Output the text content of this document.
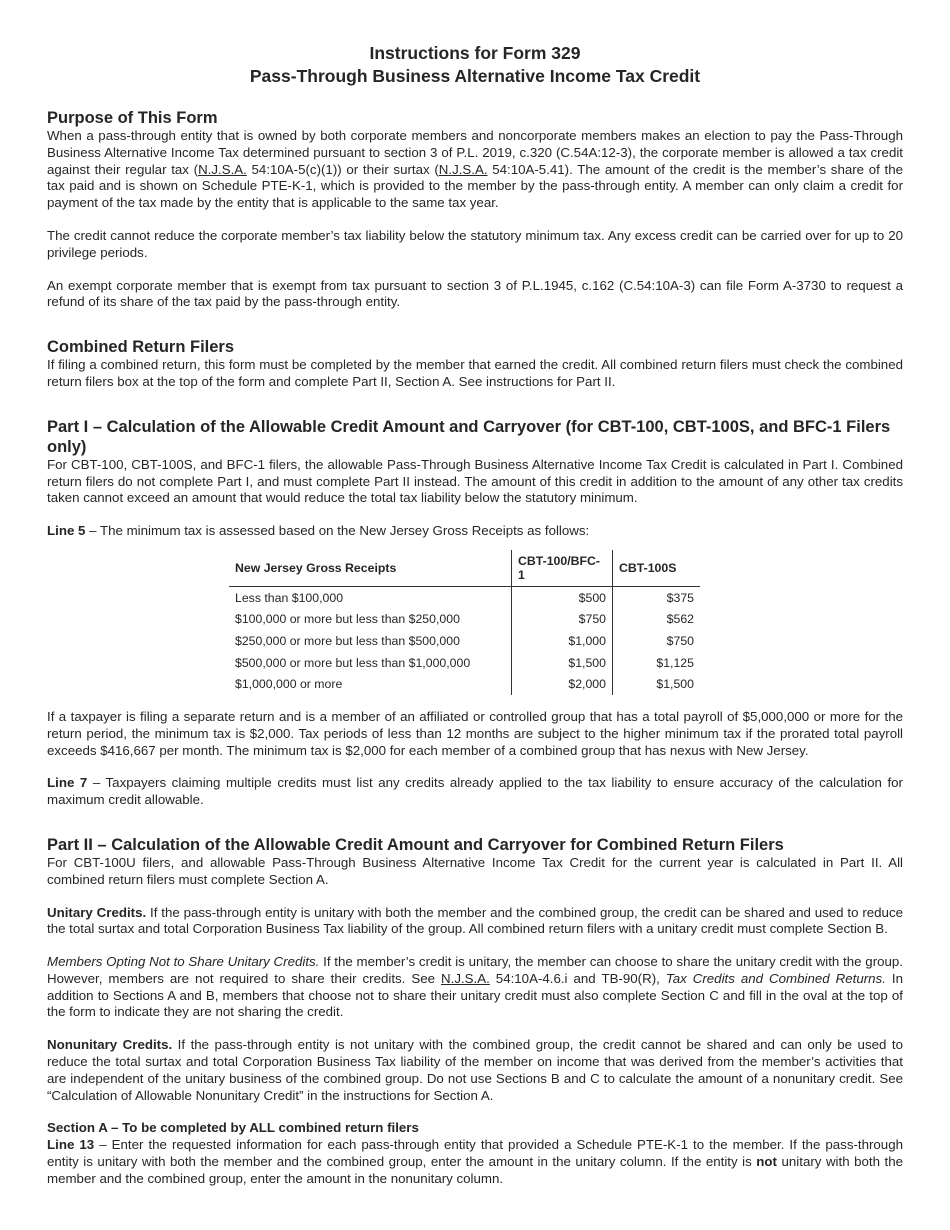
Instructions for Form 329
Pass-Through Business Alternative Income Tax Credit
Purpose of This Form

When a pass-through entity that is owned by both corporate members and noncorporate members makes an election to pay the Pass-Through Business Alternative Income Tax determined pursuant to section 3 of P.L. 2019, c.320 (C.54A:12-3), the corporate member is allowed a tax credit against their regular tax (N.J.S.A. 54:10A-5(c)(1)) or their surtax (N.J.S.A. 54:10A-5.41). The amount of the credit is the member’s share of the tax paid and is shown on Schedule PTE-K-1, which is provided to the member by the pass-through entity. A member can only claim a credit for payment of the tax made by the entity that is applicable to the same tax year.

The credit cannot reduce the corporate member’s tax liability below the statutory minimum tax. Any excess credit can be carried over for up to 20 privilege periods.

An exempt corporate member that is exempt from tax pursuant to section 3 of P.L.1945, c.162 (C.54:10A-3) can file Form A-3730 to request a refund of its share of the tax paid by the pass-through entity.

Combined Return Filers

If filing a combined return, this form must be completed by the member that earned the credit. All combined return filers must check the combined return filers box at the top of the form and complete Part II, Section A. See instructions for Part II.

Part I – Calculation of the Allowable Credit Amount and Carryover (for CBT-100, CBT-100S, and BFC-1 Filers only)

For CBT-100, CBT-100S, and BFC-1 filers, the allowable Pass-Through Business Alternative Income Tax Credit is calculated in Part I. Combined return filers do not complete Part I, and must complete Part II instead. The amount of this credit in addition to the amount of any other tax credits taken cannot exceed an amount that would reduce the total tax liability below the statutory minimum.

Line 5 – The minimum tax is assessed based on the New Jersey Gross Receipts as follows:

New Jersey Gross Receipts	CBT-100/BFC-1	CBT-100S
Less than $100,000	$500	$375
$100,000 or more but less than $250,000	$750	$562
$250,000 or more but less than $500,000	$1,000	$750
$500,000 or more but less than $1,000,000	$1,500	$1,125
$1,000,000 or more	$2,000	$1,500

If a taxpayer is filing a separate return and is a member of an affiliated or controlled group that has a total payroll of $5,000,000 or more for the return period, the minimum tax is $2,000. Tax periods of less than 12 months are subject to the higher minimum tax if the prorated total payroll exceeds $416,667 per month. The minimum tax is $2,000 for each member of a combined group that has nexus with New Jersey.

Line 7 – Taxpayers claiming multiple credits must list any credits already applied to the tax liability to ensure accuracy of the calculation for maximum credit allowable.

Part II – Calculation of the Allowable Credit Amount and Carryover for Combined Return Filers

For CBT-100U filers, and allowable Pass-Through Business Alternative Income Tax Credit for the current year is calculated in Part II. All combined return filers must complete Section A.

Unitary Credits. If the pass-through entity is unitary with both the member and the combined group, the credit can be shared and used to reduce the total surtax and total Corporation Business Tax liability of the group. All combined return filers with a unitary credit must complete Section B.

Members Opting Not to Share Unitary Credits. If the member’s credit is unitary, the member can choose to share the unitary credit with the group. However, members are not required to share their credits. See N.J.S.A. 54:10A-4.6.i and TB-90(R), Tax Credits and Combined Returns. In addition to Sections A and B, members that choose not to share their unitary credit must also complete Section C and fill in the oval at the top of the form to indicate they are not sharing the credit.

Nonunitary Credits. If the pass-through entity is not unitary with the combined group, the credit cannot be shared and can only be used to reduce the total surtax and total Corporation Business Tax liability of the member on income that was derived from the member’s activities that are independent of the unitary business of the combined group. Do not use Sections B and C to calculate the amount of a nonunitary credit. See “Calculation of Allowable Nonunitary Credit” in the instructions for Section A.

Section A – To be completed by ALL combined return filers

Line 13 – Enter the requested information for each pass-through entity that provided a Schedule PTE-K-1 to the member. If the pass-through entity is unitary with both the member and the combined group, enter the amount in the unitary column. If the entity is not unitary with both the member and the combined group, enter the amount in the nonunitary column.
